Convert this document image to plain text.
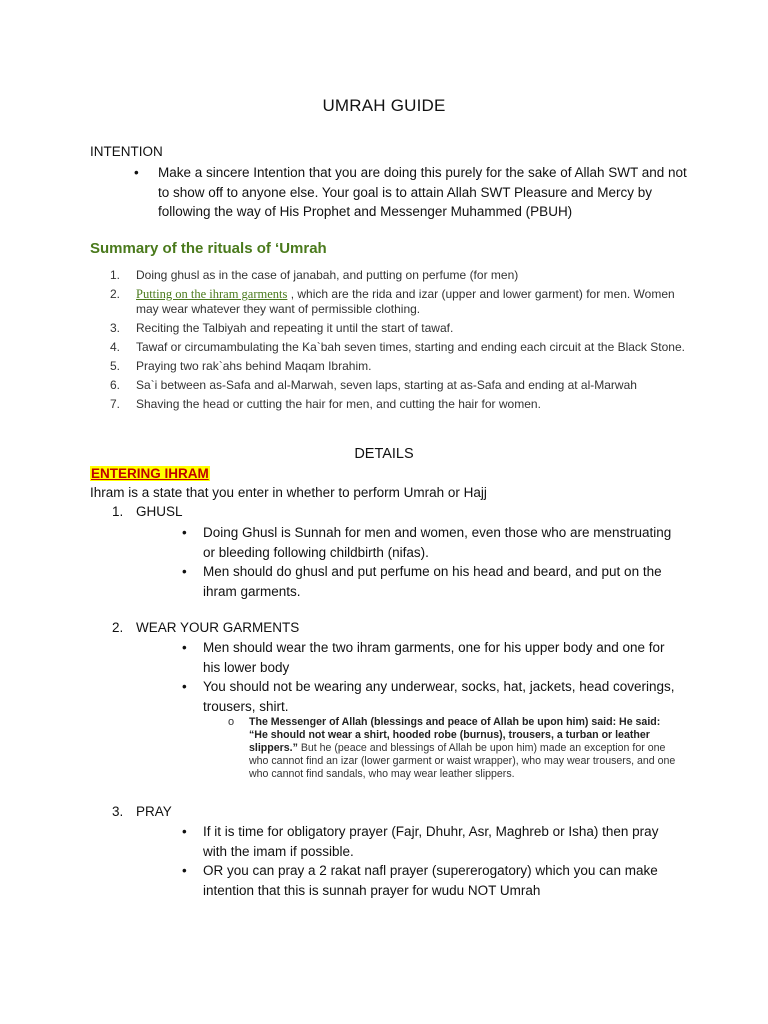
UMRAH GUIDE
INTENTION
• Make a sincere Intention that you are doing this purely for the sake of Allah SWT and not to show off to anyone else. Your goal is to attain Allah SWT Pleasure and Mercy by following the way of His Prophet and Messenger Muhammed (PBUH)
Summary of the rituals of ‘Umrah
1. Doing ghusl as in the case of janabah, and putting on perfume (for men)
2. Putting on the ihram garments , which are the rida and izar (upper and lower garment) for men. Women may wear whatever they want of permissible clothing.
3. Reciting the Talbiyah and repeating it until the start of tawaf.
4. Tawaf or circumambulating the Ka`bah seven times, starting and ending each circuit at the Black Stone.
5. Praying two rak`ahs behind Maqam Ibrahim.
6. Sa`i between as-Safa and al-Marwah, seven laps, starting at as-Safa and ending at al-Marwah
7. Shaving the head or cutting the hair for men, and cutting the hair for women.
DETAILS
ENTERING IHRAM
Ihram is a state that you enter in whether to perform Umrah or Hajj
1. GHUSL
• Doing Ghusl is Sunnah for men and women, even those who are menstruating or bleeding following childbirth (nifas).
• Men should do ghusl and put perfume on his head and beard, and put on the ihram garments.
2. WEAR YOUR GARMENTS
• Men should wear the two ihram garments, one for his upper body and one for his lower body
• You should not be wearing any underwear, socks, hat, jackets, head coverings, trousers, shirt.
o The Messenger of Allah (blessings and peace of Allah be upon him) said: He said: “He should not wear a shirt, hooded robe (burnus), trousers, a turban or leather slippers.” But he (peace and blessings of Allah be upon him) made an exception for one who cannot find an izar (lower garment or waist wrapper), who may wear trousers, and one who cannot find sandals, who may wear leather slippers.
3. PRAY
• If it is time for obligatory prayer (Fajr, Dhuhr, Asr, Maghreb or Isha) then pray with the imam if possible.
• OR you can pray a 2 rakat nafl prayer (supererogatory) which you can make intention that this is sunnah prayer for wudu NOT Umrah
